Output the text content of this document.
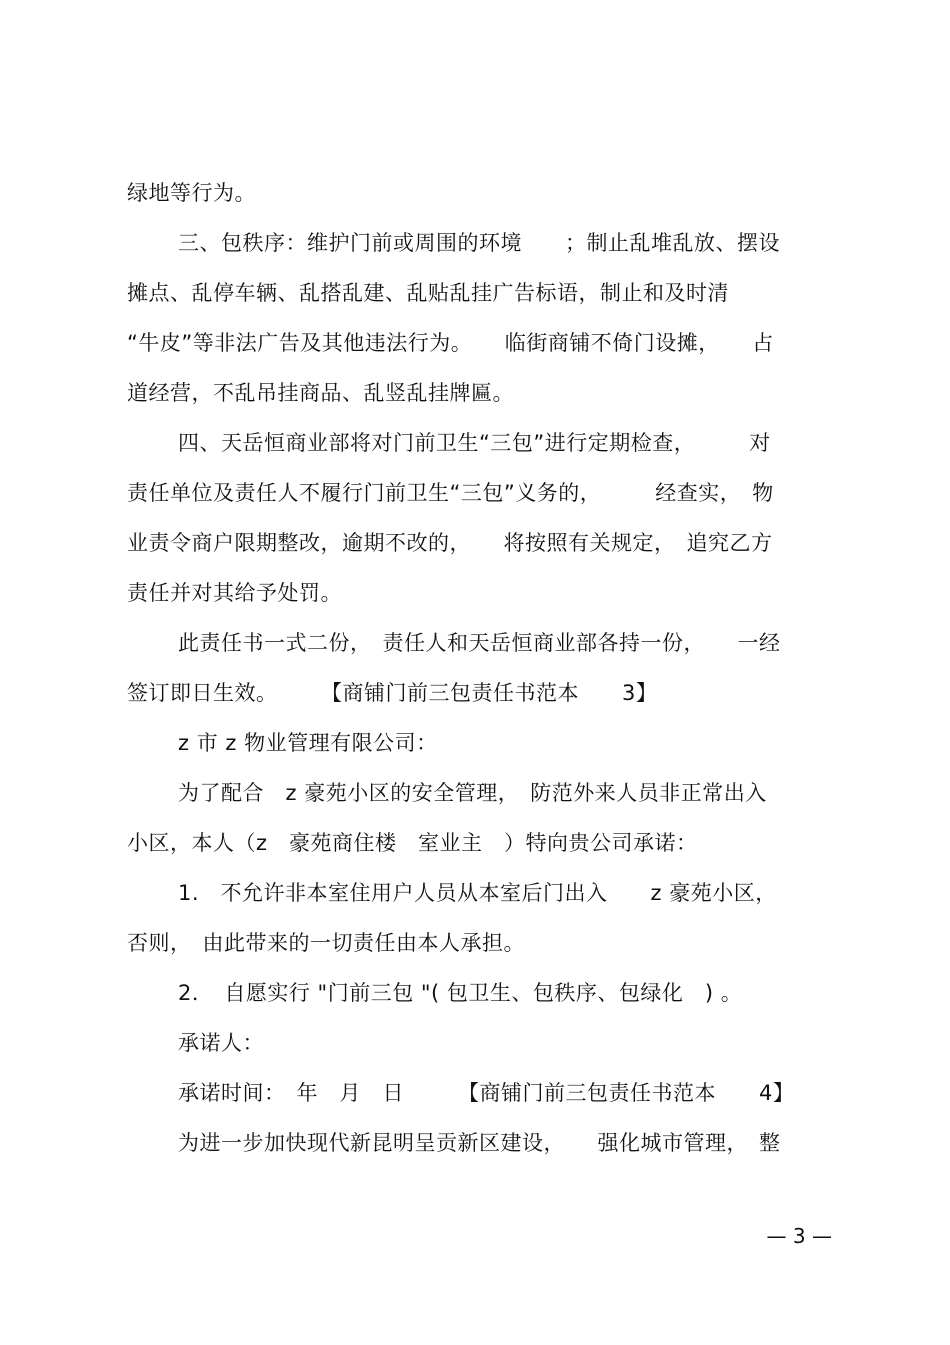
绿地等行为。
三、包秩序：维护门前或周围的环境　　；制止乱堆乱放、摆设
摊点、乱停车辆、乱搭乱建、乱贴乱挂广告标语，制止和及时清
“牛皮”等非法广告及其他违法行为。　　临街商铺不倚门设摊，　　占
道经营，不乱吊挂商品、乱竖乱挂牌匾。
四、天岳恒商业部将对门前卫生“三包”进行定期检查，　　　对
责任单位及责任人不履行门前卫生“三包”义务的，　　　经查实，　物
业责令商户限期整改，逾期不改的，　　将按照有关规定，　追究乙方
责任并对其给予处罚。
此责任书一式二份，　责任人和天岳恒商业部各持一份，　　一经
签订即日生效。　　　【商铺门前三包责任书范本　　3】
z 市 z 物业管理有限公司：
为了配合　z 豪苑小区的安全管理，　防范外来人员非正常出入
小区，本人（z　豪苑商住楼　室业主　）特向贵公司承诺：
1.　不允许非本室住用户人员从本室后门出入　　z 豪苑小区，
否则，　由此带来的一切责任由本人承担。
2．　自愿实行 "门前三包 "( 包卫生、包秩序、包绿化　) 。
承诺人：
承诺时间：　年　月　日　　　【商铺门前三包责任书范本　　4】
为进一步加快现代新昆明呈贡新区建设，　　强化城市管理，　整
— 3 —
